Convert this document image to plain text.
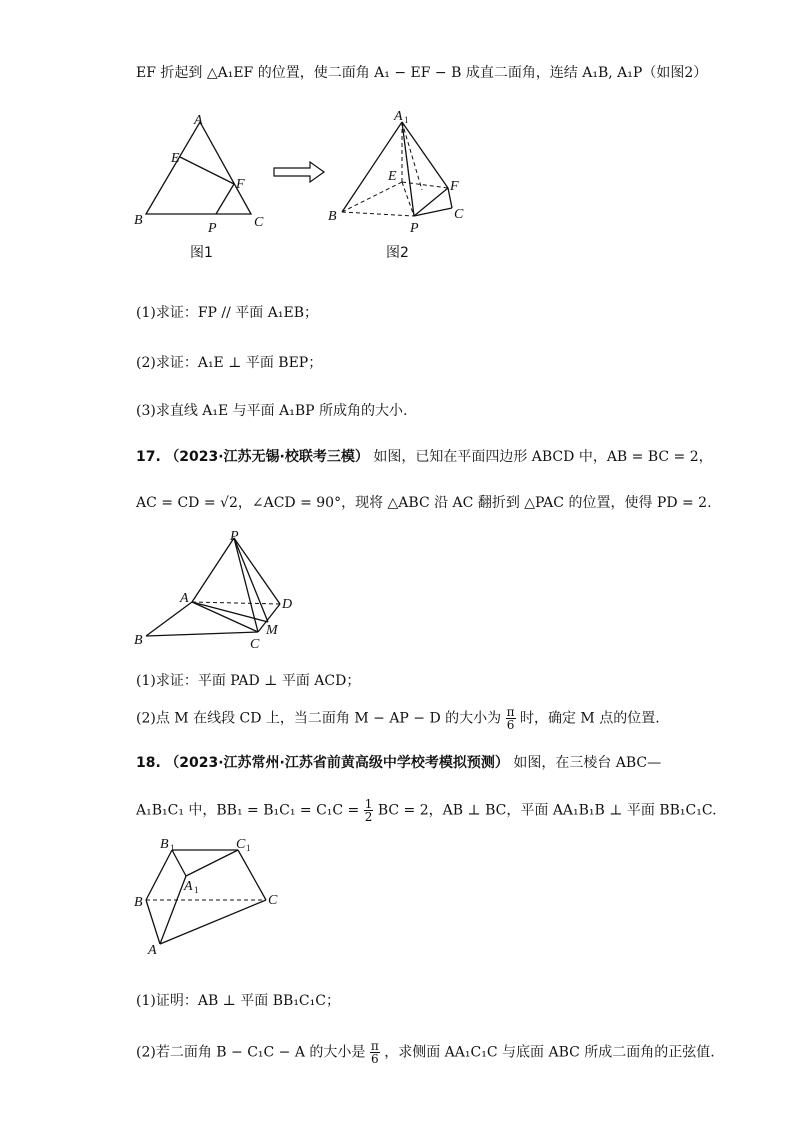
EF 折起到 △A₁EF 的位置，使二面角 A₁ − EF − B 成直二面角，连结 A₁B, A₁P（如图2）
A
E
F
B
P	C
图1
A 1
E
F
B
P
C
图2
(1)求证：FP // 平面 A₁EB；
(2)求证：A₁E ⊥ 平面 BEP；
(3)求直线 A₁E 与平面 A₁BP 所成角的大小.
17. （2023·江苏无锡·校联考三模） 如图，已知在平面四边形 ABCD 中，AB = BC = 2，
AC = CD = √2，∠ACD = 90°，现将 △ABC 沿 AC 翻折到 △PAC 的位置，使得 PD = 2.
P
A	D
M
B	C
(1)求证：平面 PAD ⊥ 平面 ACD；
(2)点 M 在线段 CD 上，当二面角 M − AP − D 的大小为 $\frac{\pi}{6}$ 时，确定 M 点的位置.
18. （2023·江苏常州·江苏省前黄高级中学校考模拟预测） 如图，在三棱台 ABC—
A₁B₁C₁ 中，$BB_1 = B_1C_1 = C_1C = \frac{1}{2}$ BC = 2，AB ⊥ BC，平面 AA₁B₁B ⊥ 平面 BB₁C₁C.
B 1	C 1
A 1
B	C
A
(1)证明：AB ⊥ 平面 BB₁C₁C；
(2)若二面角 B − C₁C − A 的大小是 $\frac{\pi}{6}$ ，求侧面 AA₁C₁C 与底面 ABC 所成二面角的正弦值.
